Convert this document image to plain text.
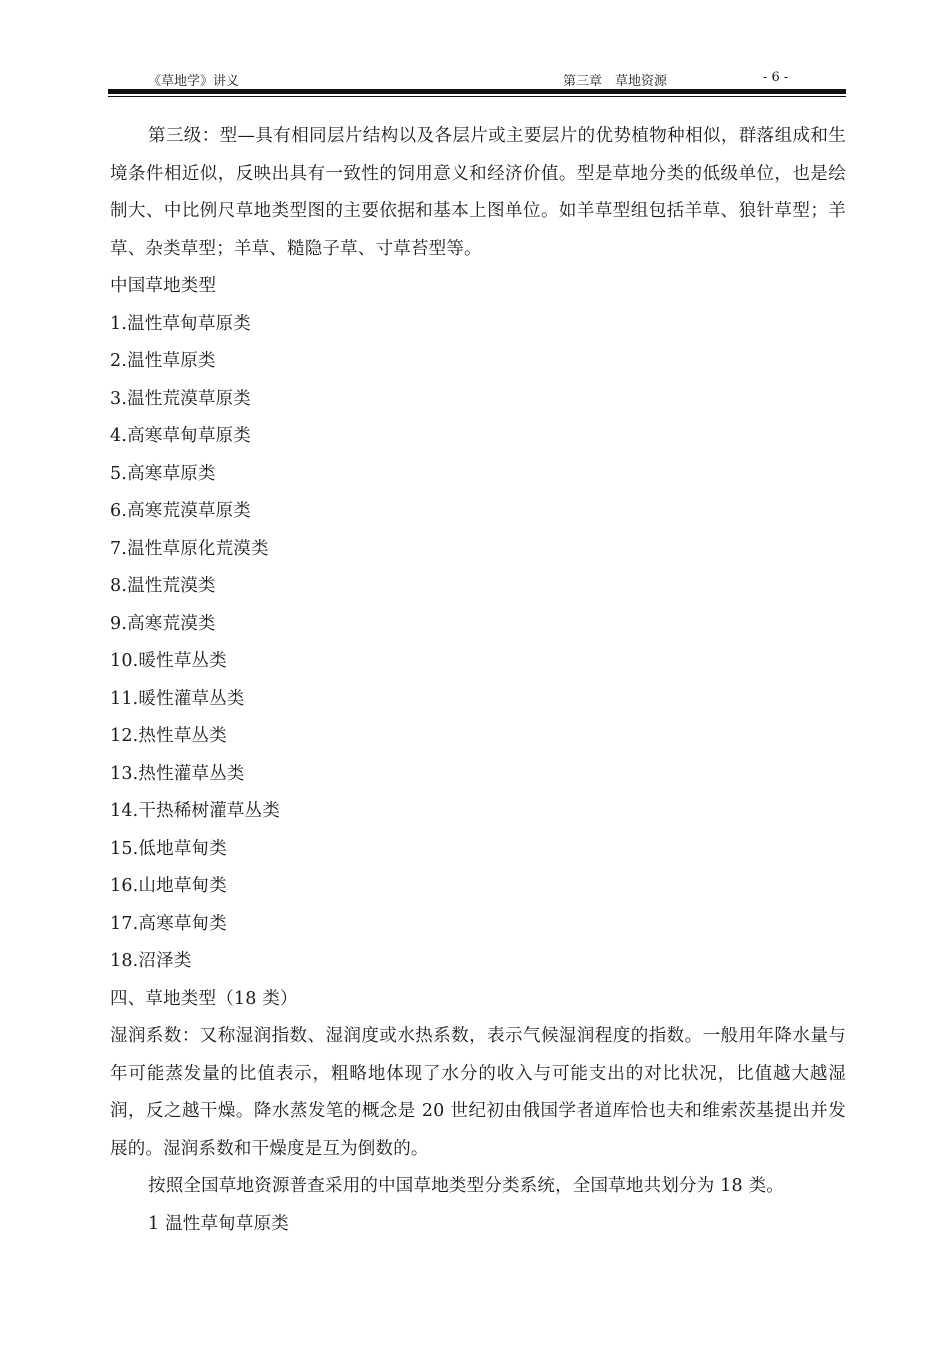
《草地学》讲义	第三章　草地资源	- 6 -

第三级：型—具有相同层片结构以及各层片或主要层片的优势植物种相似，群落组成和生境条件相近似，反映出具有一致性的饲用意义和经济价值。型是草地分类的低级单位，也是绘制大、中比例尺草地类型图的主要依据和基本上图单位。如羊草型组包括羊草、狼针草型；羊草、杂类草型；羊草、糙隐子草、寸草苔型等。

中国草地类型

1.温性草甸草原类

2.温性草原类

3.温性荒漠草原类

4.高寒草甸草原类

5.高寒草原类

6.高寒荒漠草原类

7.温性草原化荒漠类

8.温性荒漠类

9.高寒荒漠类

10.暖性草丛类

11.暖性灌草丛类

12.热性草丛类

13.热性灌草丛类

14.干热稀树灌草丛类

15.低地草甸类

16.山地草甸类

17.高寒草甸类

18.沼泽类

四、草地类型（18 类）

湿润系数：又称湿润指数、湿润度或水热系数，表示气候湿润程度的指数。一般用年降水量与年可能蒸发量的比值表示，粗略地体现了水分的收入与可能支出的对比状况，比值越大越湿润，反之越干燥。降水蒸发笔的概念是 20 世纪初由俄国学者道库恰也夫和维索茨基提出并发展的。湿润系数和干燥度是互为倒数的。

按照全国草地资源普查采用的中国草地类型分类系统，全国草地共划分为 18 类。

1 温性草甸草原类
